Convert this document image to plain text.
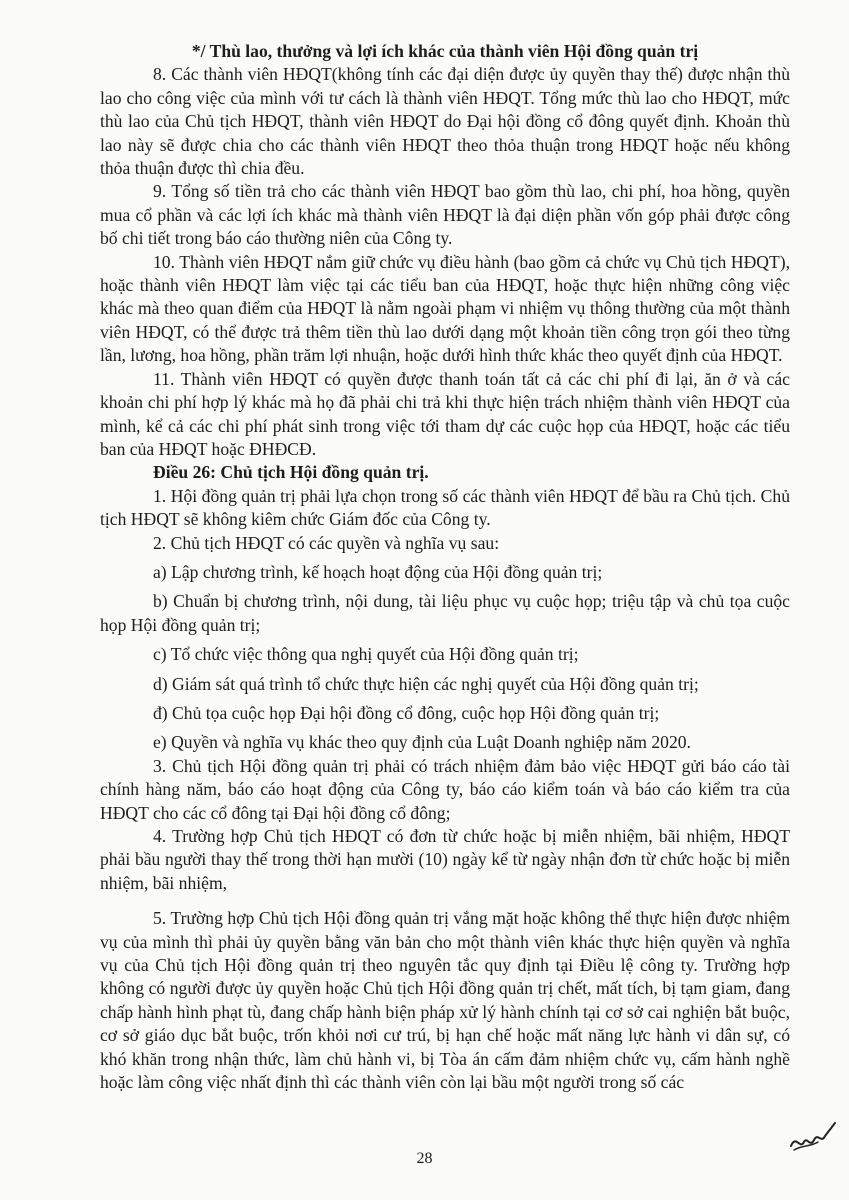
*/ Thù lao, thưởng và lợi ích khác của thành viên Hội đồng quản trị

8. Các thành viên HĐQT(không tính các đại diện được ủy quyền thay thế) được nhận thù lao cho công việc của mình với tư cách là thành viên HĐQT. Tổng mức thù lao cho HĐQT, mức thù lao của Chủ tịch HĐQT, thành viên HĐQT do Đại hội đồng cổ đông quyết định. Khoản thù lao này sẽ được chia cho các thành viên HĐQT theo thỏa thuận trong HĐQT hoặc nếu không thỏa thuận được thì chia đều.

9. Tổng số tiền trả cho các thành viên HĐQT bao gồm thù lao, chi phí, hoa hồng, quyền mua cổ phần và các lợi ích khác mà thành viên HĐQT là đại diện phần vốn góp phải được công bố chi tiết trong báo cáo thường niên của Công ty.

10. Thành viên HĐQT nắm giữ chức vụ điều hành (bao gồm cả chức vụ Chủ tịch HĐQT), hoặc thành viên HĐQT làm việc tại các tiểu ban của HĐQT, hoặc thực hiện những công việc khác mà theo quan điểm của HĐQT là nằm ngoài phạm vi nhiệm vụ thông thường của một thành viên HĐQT, có thể được trả thêm tiền thù lao dưới dạng một khoản tiền công trọn gói theo từng lần, lương, hoa hồng, phần trăm lợi nhuận, hoặc dưới hình thức khác theo quyết định của HĐQT.

11. Thành viên HĐQT có quyền được thanh toán tất cả các chi phí đi lại, ăn ở và các khoản chi phí hợp lý khác mà họ đã phải chi trả khi thực hiện trách nhiệm thành viên HĐQT của mình, kể cả các chi phí phát sinh trong việc tới tham dự các cuộc họp của HĐQT, hoặc các tiểu ban của HĐQT hoặc ĐHĐCĐ.

Điều 26: Chủ tịch Hội đồng quản trị.

1. Hội đồng quản trị phải lựa chọn trong số các thành viên HĐQT để bầu ra Chủ tịch. Chủ tịch HĐQT sẽ không kiêm chức Giám đốc của Công ty.

2. Chủ tịch HĐQT có các quyền và nghĩa vụ sau:

a) Lập chương trình, kế hoạch hoạt động của Hội đồng quản trị;

b) Chuẩn bị chương trình, nội dung, tài liệu phục vụ cuộc họp; triệu tập và chủ tọa cuộc họp Hội đồng quản trị;

c) Tổ chức việc thông qua nghị quyết của Hội đồng quản trị;

d) Giám sát quá trình tổ chức thực hiện các nghị quyết của Hội đồng quản trị;

đ) Chủ tọa cuộc họp Đại hội đồng cổ đông, cuộc họp Hội đồng quản trị;

e) Quyền và nghĩa vụ khác theo quy định của Luật Doanh nghiệp năm 2020.

3. Chủ tịch Hội đồng quản trị phải có trách nhiệm đảm bảo việc HĐQT gửi báo cáo tài chính hàng năm, báo cáo hoạt động của Công ty, báo cáo kiểm toán và báo cáo kiểm tra của HĐQT cho các cổ đông tại Đại hội đồng cổ đông;

4. Trường hợp Chủ tịch HĐQT có đơn từ chức hoặc bị miễn nhiệm, bãi nhiệm, HĐQT phải bầu người thay thế trong thời hạn mười (10) ngày kể từ ngày nhận đơn từ chức hoặc bị miễn nhiệm, bãi nhiệm,

5. Trường hợp Chủ tịch Hội đồng quản trị vắng mặt hoặc không thể thực hiện được nhiệm vụ của mình thì phải ủy quyền bằng văn bản cho một thành viên khác thực hiện quyền và nghĩa vụ của Chủ tịch Hội đồng quản trị theo nguyên tắc quy định tại Điều lệ công ty. Trường hợp không có người được ủy quyền hoặc Chủ tịch Hội đồng quản trị chết, mất tích, bị tạm giam, đang chấp hành hình phạt tù, đang chấp hành biện pháp xử lý hành chính tại cơ sở cai nghiện bắt buộc, cơ sở giáo dục bắt buộc, trốn khỏi nơi cư trú, bị hạn chế hoặc mất năng lực hành vi dân sự, có khó khăn trong nhận thức, làm chủ hành vi, bị Tòa án cấm đảm nhiệm chức vụ, cấm hành nghề hoặc làm công việc nhất định thì các thành viên còn lại bầu một người trong số các

28
